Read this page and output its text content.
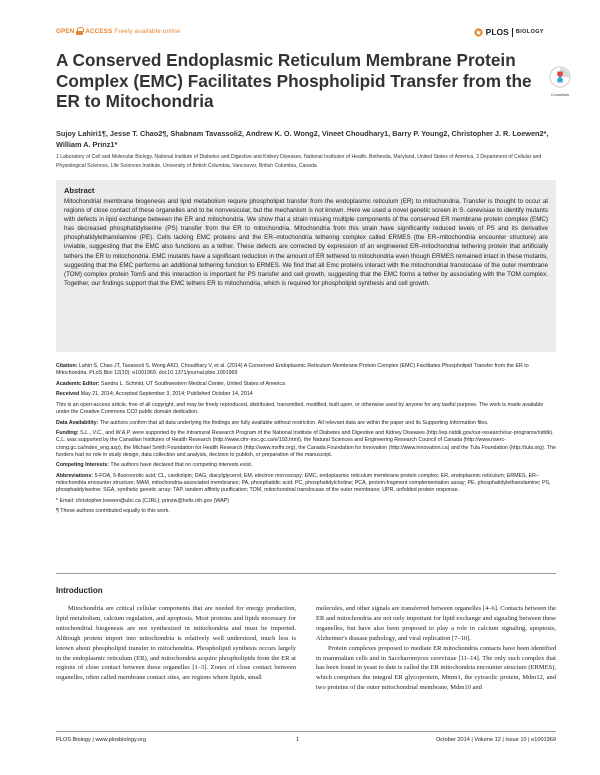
OPEN ACCESS Freely available online	PLOS BIOLOGY
A Conserved Endoplasmic Reticulum Membrane Protein Complex (EMC) Facilitates Phospholipid Transfer from the ER to Mitochondria	CrossMark
Sujoy Lahiri1¶, Jesse T. Chao2¶, Shabnam Tavassoli2, Andrew K. O. Wong2, Vineet Choudhary1, Barry P. Young2, Christopher J. R. Loewen2*, William A. Prinz1*
1 Laboratory of Cell and Molecular Biology, National Institute of Diabetes and Digestive and Kidney Diseases, National Institutes of Health, Bethesda, Maryland, United States of America, 2 Department of Cellular and Physiological Sciences, Life Sciences Institute, University of British Columbia, Vancouver, British Columbia, Canada
Abstract

Mitochondrial membrane biogenesis and lipid metabolism require phospholipid transfer from the endoplasmic reticulum (ER) to mitochondria. Transfer is thought to occur at regions of close contact of these organelles and to be nonvesicular, but the mechanism is not known. Here we used a novel genetic screen in S. cerevisiae to identify mutants with defects in lipid exchange between the ER and mitochondria. We show that a strain missing multiple components of the conserved ER membrane protein complex (EMC) has decreased phosphatidylserine (PS) transfer from the ER to mitochondria. Mitochondria from this strain have significantly reduced levels of PS and its derivative phosphatidylethanolamine (PE). Cells lacking EMC proteins and the ER–mitochondria tethering complex called ERMES (the ER–mitochondria encounter structure) are inviable, suggesting that the EMC also functions as a tether. These defects are corrected by expression of an engineered ER–mitochondrial tethering protein that artificially tethers the ER to mitochondria. EMC mutants have a significant reduction in the amount of ER tethered to mitochondria even though ERMES remained intact in these mutants, suggesting that the EMC performs an additional tethering function to ERMES. We find that all Emc proteins interact with the mitochondrial translocase of the outer membrane (TOM) complex protein Tom5 and this interaction is important for PS transfer and cell growth, suggesting that the EMC forms a tether by associating with the TOM complex. Together, our findings support that the EMC tethers ER to mitochondria, which is required for phospholipid synthesis and cell growth.

Citation: Lahiri S, Chao JT, Tavassoli S, Wong AKO, Choudhary V, et al. (2014) A Conserved Endoplasmic Reticulum Membrane Protein Complex (EMC) Facilitates Phospholipid Transfer from the ER to Mitochondria. PLoS Biol 12(10): e1001969. doi:10.1371/journal.pbio.1001969

Academic Editor: Sandra L. Schmid, UT Southwestern Medical Center, United States of America

Received May 21, 2014; Accepted September 3, 2014; Published October 14, 2014

This is an open-access article, free of all copyright, and may be freely reproduced, distributed, transmitted, modified, built upon, or otherwise used by anyone for any lawful purpose. The work is made available under the Creative Commons CC0 public domain dedication.

Data Availability: The authors confirm that all data underlying the findings are fully available without restriction. All relevant data are within the paper and its Supporting Information files.

Funding: S.L., V.C., and W.A.P. were supported by the Intramural Research Program of the National Institute of Diabetes and Digestive and Kidney Diseases (http://ep.niddk.gov/our-research/our-programs/niddk). C.L. was supported by the Canadian Institutes of Health Research (http://www.cihr-irsc.gc.ca/e/193.html), the Natural Sciences and Engineering Research Council of Canada (http://www.nserc-crsng.gc.ca/index_eng.asp), the Michael Smith Foundation for Health Research (http://www.msfhr.org), the Canada Foundation for Innovation (http://www.innovation.ca) and the Tula Foundation (http://tula.org). The funders had no role in study design, data collection and analysis, decision to publish, or preparation of the manuscript.

Competing Interests: The authors have declared that no competing interests exist.

Abbreviations: 5-FOA, 5-fluoroorotic acid; CL, cardiolipin; DAG, diacylglycerol; EM, electron microscopy; EMC, endoplasmic reticulum membrane protein complex; ER, endoplasmic reticulum; ERMES, ER–mitochondria encounter structure; MAM, mitochondria-associated membranes; PA, phosphatidic acid; PC, phosphatidylcholine; PCA, protein-fragment complementation assay; PE, phosphatidylethanolamine; PS, phosphatidylserine; SGA, synthetic genetic array; TAP, tandem affinity purification; TOM, mitochondrial translocase of the outer membrane; UPR, unfolded protein response.

* Email: christopher.loewen@ubc.ca (CJRL); prinzw@helix.nih.gov (WAP)

¶ These authors contributed equally to this work.

Introduction

Mitochondria are critical cellular components that are needed for energy production, lipid metabolism, calcium regulation, and apoptosis. Most proteins and lipids necessary for mitochondrial biogenesis are not synthesized in mitochondria and must be imported. Although protein import into mitochondria is relatively well understood, much less is known about phospholipid transfer to mitochondria. Phospholipid synthesis occurs largely in the endoplasmic reticulum (ER), and mitochondria acquire phospholipids from the ER at regions of close contact between these organelles [1–3]. Zones of close contact between organelles, often called membrane contact sites, are regions where lipids, small

molecules, and other signals are transferred between organelles [4–6]. Contacts between the ER and mitochondria are not only important for lipid exchange and signaling between these organelles, but have also been proposed to play a role in calcium signaling, apoptosis, Alzheimer's disease pathology, and viral replication [7–10].

Protein complexes proposed to mediate ER mitochondria contacts have been identified in mammalian cells and in Saccharomyces cerevisiae [11–14]. The only such complex that has been found in yeast to date is called the ER mitochondria encounter structure (ERMES), which comprises the integral ER glycoprotein, Mmm1, the cytosolic protein, Mdm12, and two proteins of the outer mitochondrial membrane, Mdm10 and

PLOS Biology | www.plosbiology.org	1	October 2014 | Volume 12 | Issue 10 | e1001969
